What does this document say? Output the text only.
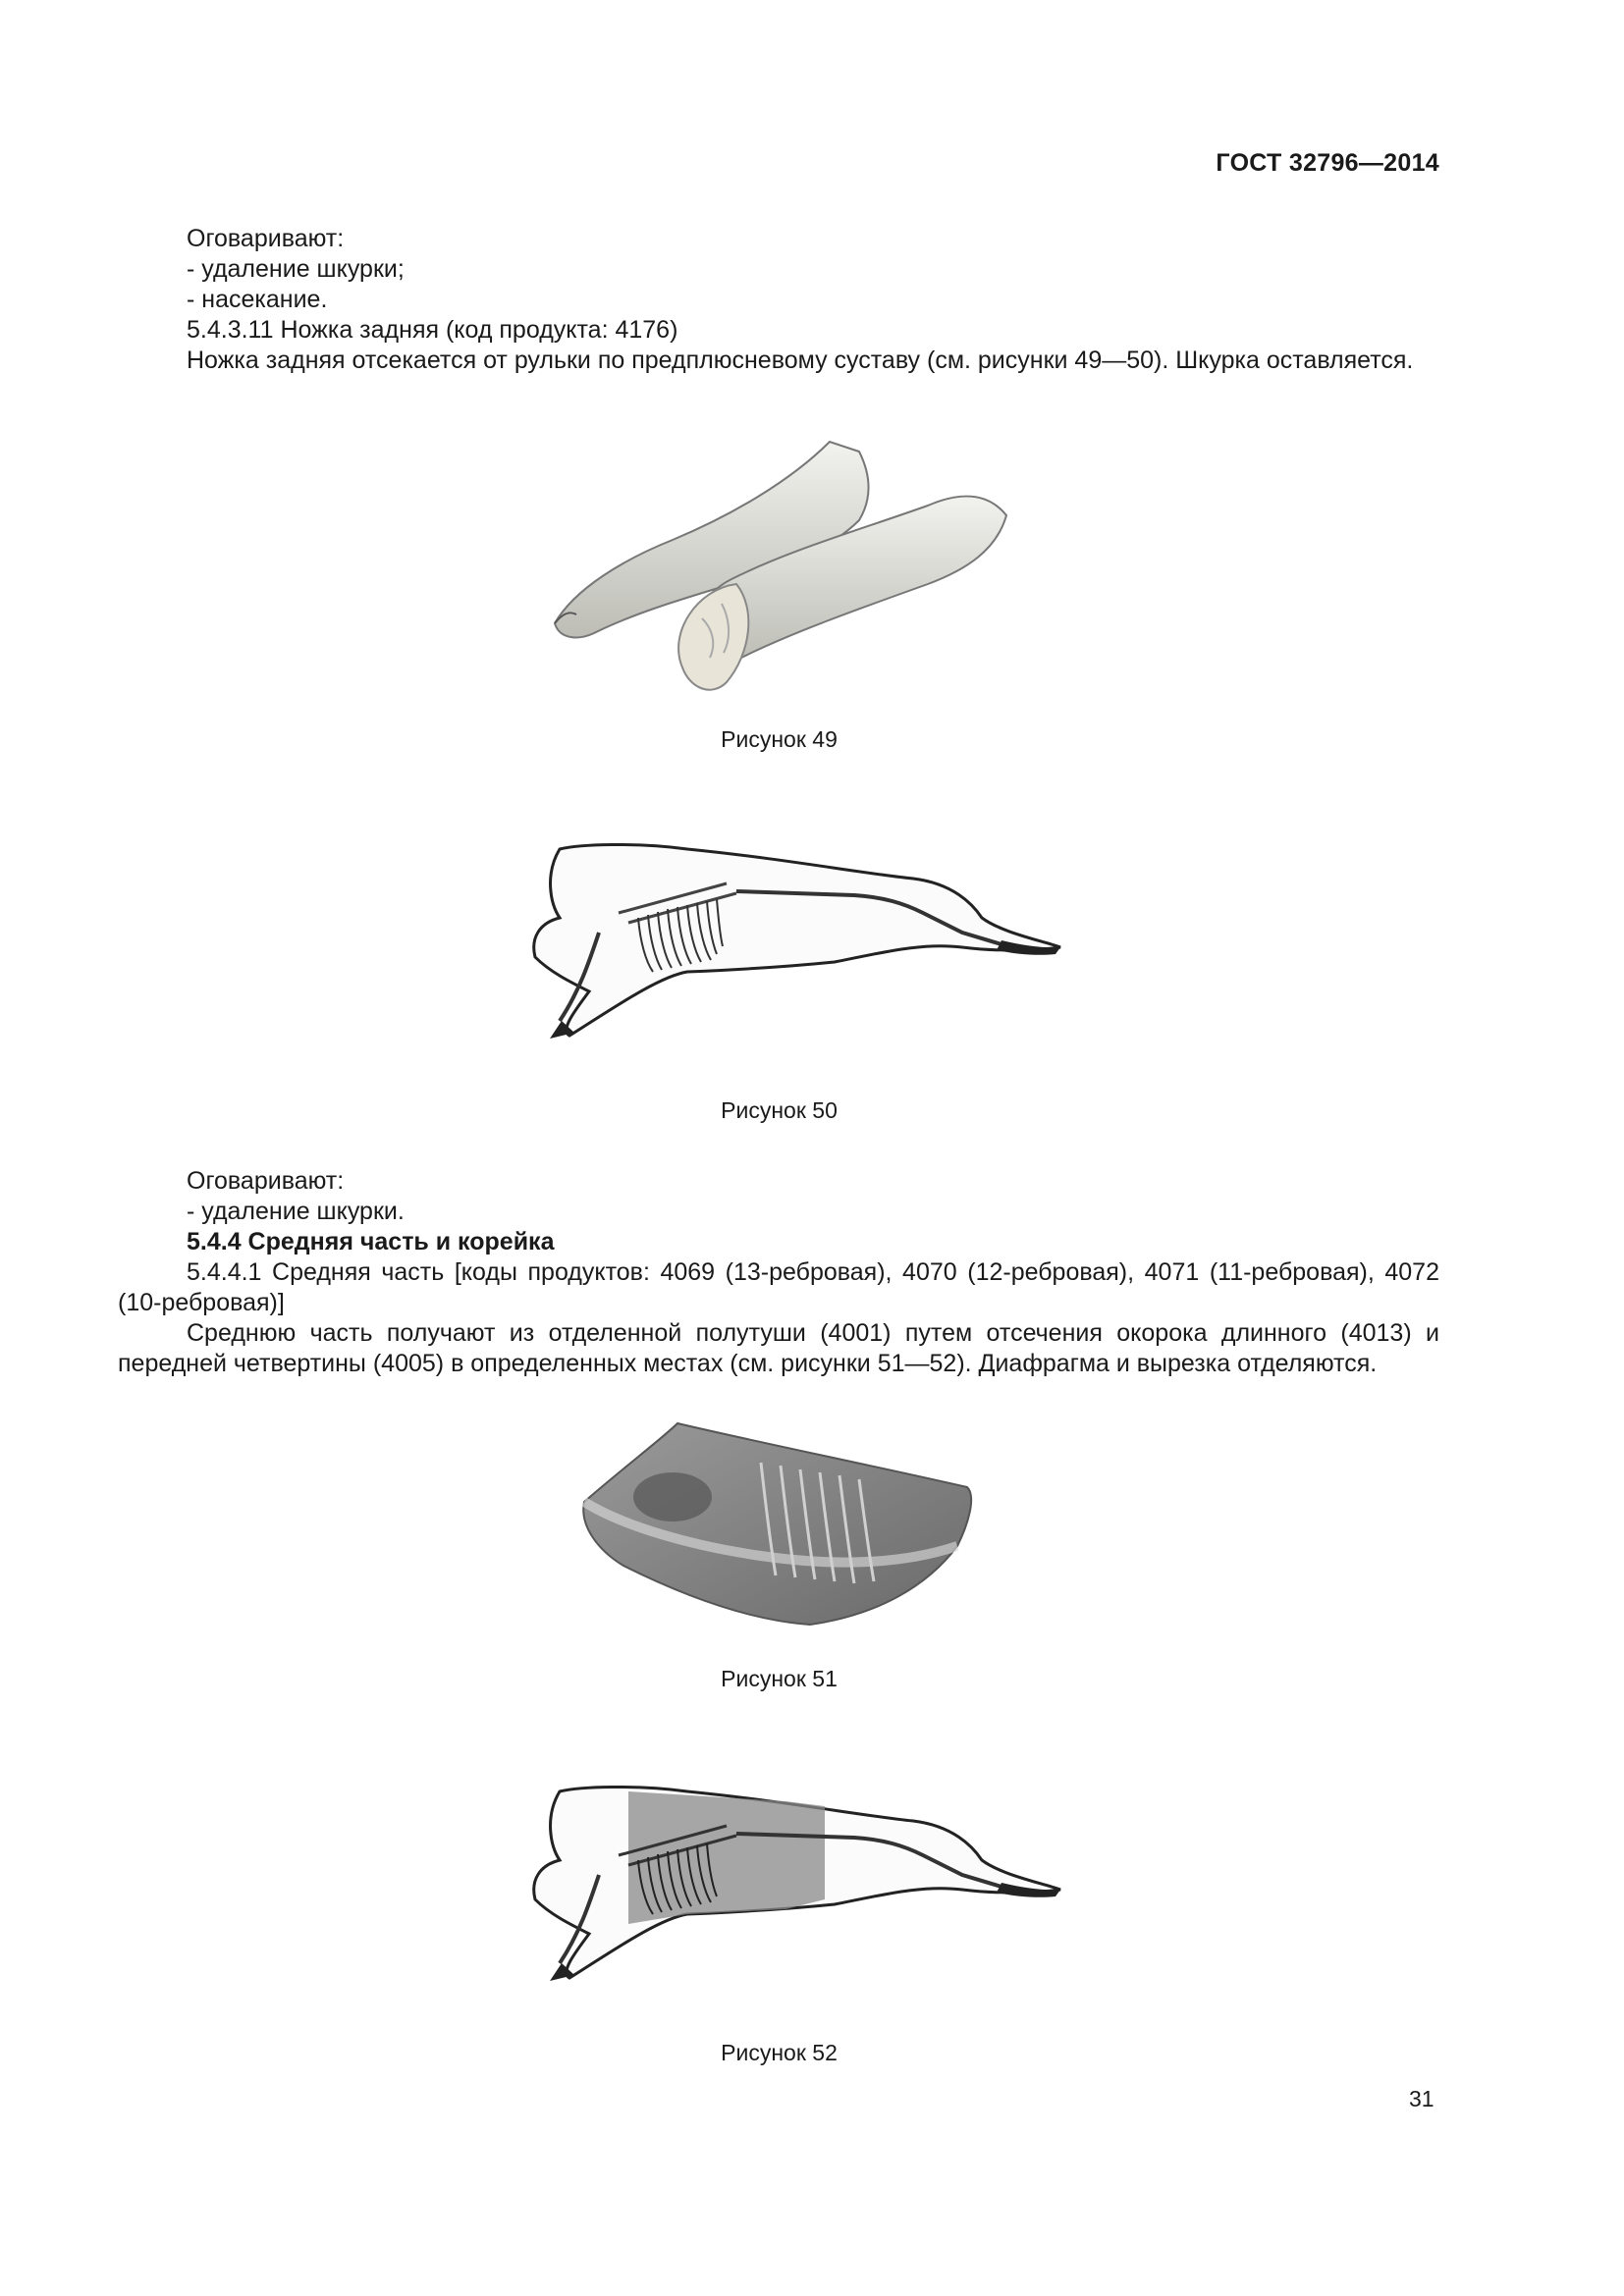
ГОСТ 32796—2014

Оговаривают:

- удаление шкурки;

- насекание.

5.4.3.11 Ножка задняя (код продукта: 4176)

Ножка задняя отсекается от рульки по предплюсневому суставу (см. рисунки 49—50). Шкурка оставляется.

Рисунок 49
Рисунок 50

Оговаривают:

- удаление шкурки.

5.4.4 Средняя часть и корейка

5.4.4.1 Средняя часть [коды продуктов: 4069 (13-ребровая), 4070 (12-ребровая), 4071 (11-ребровая), 4072 (10-ребровая)]

Среднюю часть получают из отделенной полутуши (4001) путем отсечения окорока длинного (4013) и передней четвертины (4005) в определенных местах (см. рисунки 51—52). Диафрагма и вырезка отделяются.

Рисунок 51
Рисунок 52
31
